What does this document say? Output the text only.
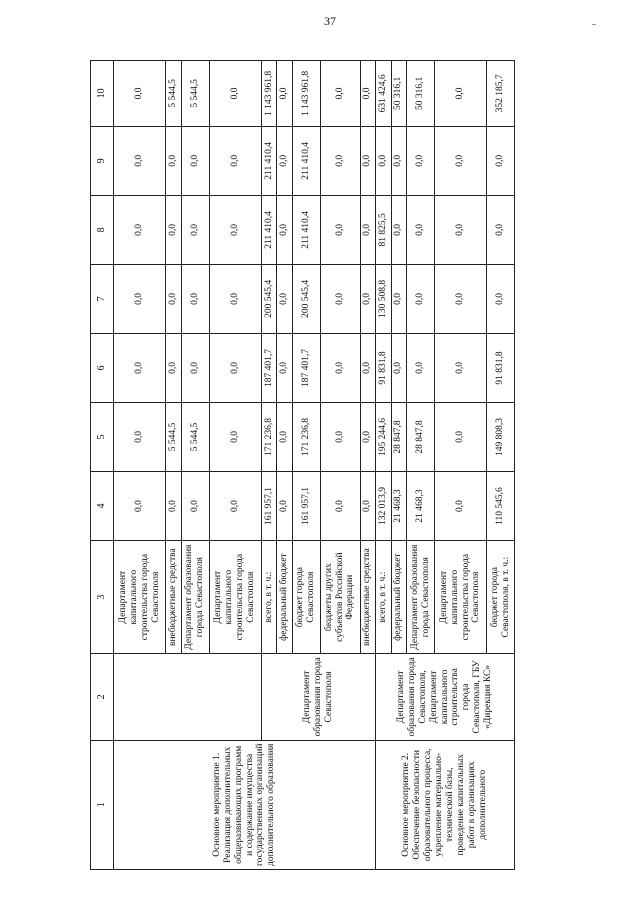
37
1	2	3	4	5	6	7	8	9	10
Основное мероприятие 1. Реализация дополнительных общеразвивающих программ и содержание имущества государственных организаций дополнительного образования		Департамент капитального строительства города Севастополя	0,0	0,0	0,0	0,0	0,0	0,0	0,0
		внебюджетные средства	0,0	5 544,5	0,0	0,0	0,0	0,0	5 544,5
		Департамент образования города Севастополя	0,0	5 544,5	0,0	0,0	0,0	0,0	5 544,5
		Департамент капитального строительства города Севастополя	0,0	0,0	0,0	0,0	0,0	0,0	0,0
	Департамент образования города Севастополя	всего, в т. ч.:	161 957,1	171 236,8	187 401,7	200 545,4	211 410,4	211 410,4	1 143 961,8
		федеральный бюджет	0,0	0,0	0,0	0,0	0,0	0,0	0,0
		бюджет города Севастополя	161 957,1	171 236,8	187 401,7	200 545,4	211 410,4	211 410,4	1 143 961,8
		бюджеты других субъектов Российской Федерации	0,0	0,0	0,0	0,0	0,0	0,0	0,0
		внебюджетные средства	0,0	0,0	0,0	0,0	0,0	0,0	0,0
Основное мероприятие 2. Обеспечение безопасности образовательного процесса, укрепление материально-технической базы, проведение капитальных работ в организациях дополнительного	Департамент образования города Севастополя, Департамент капитального строительства города Севастополя, ГБУ «Дирекция КС»	всего, в т. ч.:	132 013,9	195 244,6	91 831,8	130 508,8	81 825,5	0,0	631 424,6
		федеральный бюджет	21 468,3	28 847,8	0,0	0,0	0,0	0,0	50 316,1
		Департамент образования города Севастополя	21 468,3	28 847,8	0,0	0,0	0,0	0,0	50 316,1
		Департамент капитального строительства города Севастополя	0,0	0,0	0,0	0,0	0,0	0,0	0,0
		бюджет города Севастополя, в т. ч.:	110 545,6	149 808,3	91 831,8	0,0	0,0	0,0	352 185,7
